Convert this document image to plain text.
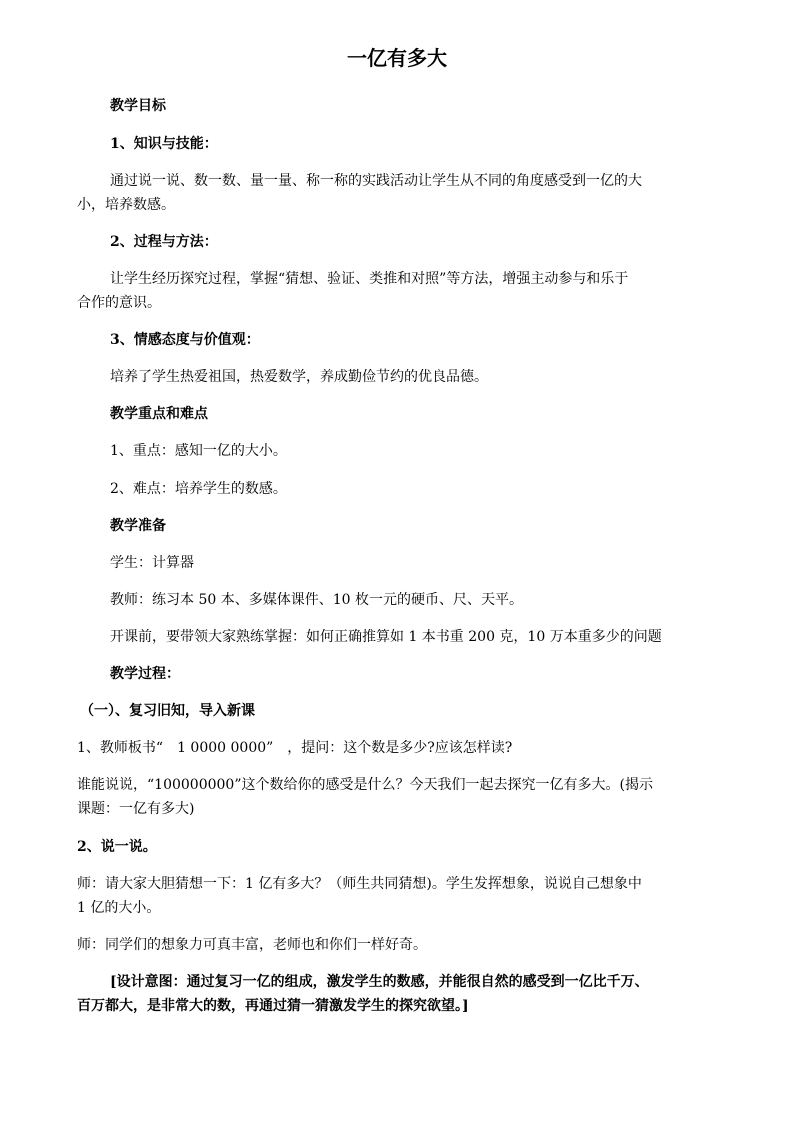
一亿有多大
教学目标
1、知识与技能：
通过说一说、数一数、量一量、称一称的实践活动让学生从不同的角度感受到一亿的大
小，培养数感。
2、过程与方法：
让学生经历探究过程，掌握“猜想、验证、类推和对照”等方法，增强主动参与和乐于
合作的意识。
3、情感态度与价值观：
培养了学生热爱祖国，热爱数学，养成勤俭节约的优良品德。
教学重点和难点
1、重点：感知一亿的大小。
2、难点：培养学生的数感。
教学准备
学生：计算器
教师：练习本 50 本、多媒体课件、10 枚一元的硬币、尺、天平。
开课前，要带领大家熟练掌握：如何正确推算如 1 本书重 200 克，10 万本重多少的问题
教学过程：
（一）、复习旧知，导入新课
1、教师板书“　1 0000 0000”　，提问：这个数是多少?应该怎样读?
谁能说说，“100000000”这个数给你的感受是什么？今天我们一起去探究一亿有多大。(揭示
课题：一亿有多大)
2、说一说。
师：请大家大胆猜想一下：1 亿有多大？（师生共同猜想)。学生发挥想象，说说自己想象中
1 亿的大小。
师：同学们的想象力可真丰富，老师也和你们一样好奇。
[设计意图：通过复习一亿的组成，激发学生的数感，并能很自然的感受到一亿比千万、
百万都大，是非常大的数，再通过猜一猜激发学生的探究欲望。]
